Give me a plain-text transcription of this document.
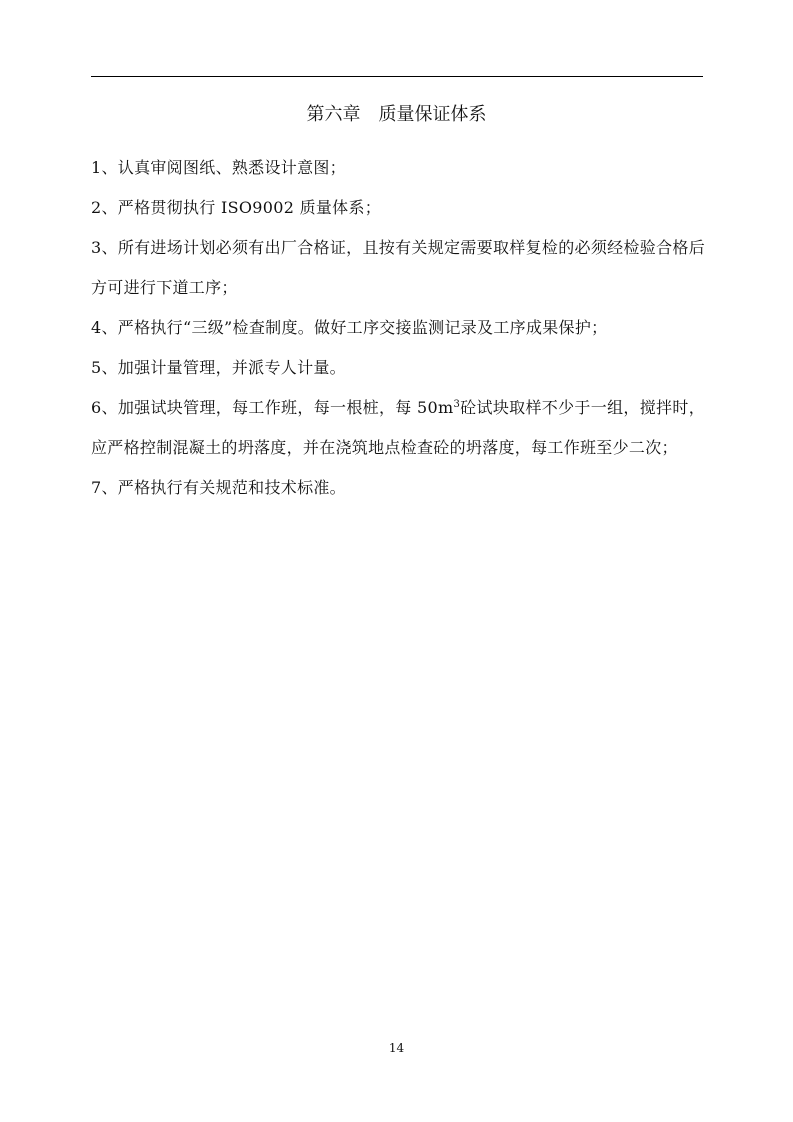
第六章　质量保证体系

1、认真审阅图纸、熟悉设计意图；

2、严格贯彻执行 ISO9002 质量体系；

3、所有进场计划必须有出厂合格证，且按有关规定需要取样复检的必须经检验合格后方可进行下道工序；

4、严格执行“三级”检查制度。做好工序交接监测记录及工序成果保护；

5、加强计量管理，并派专人计量。

6、加强试块管理，每工作班，每一根桩，每 $50m^3$砼试块取样不少于一组，搅拌时，应严格控制混凝土的坍落度，并在浇筑地点检查砼的坍落度，每工作班至少二次；

7、严格执行有关规范和技术标准。

14
